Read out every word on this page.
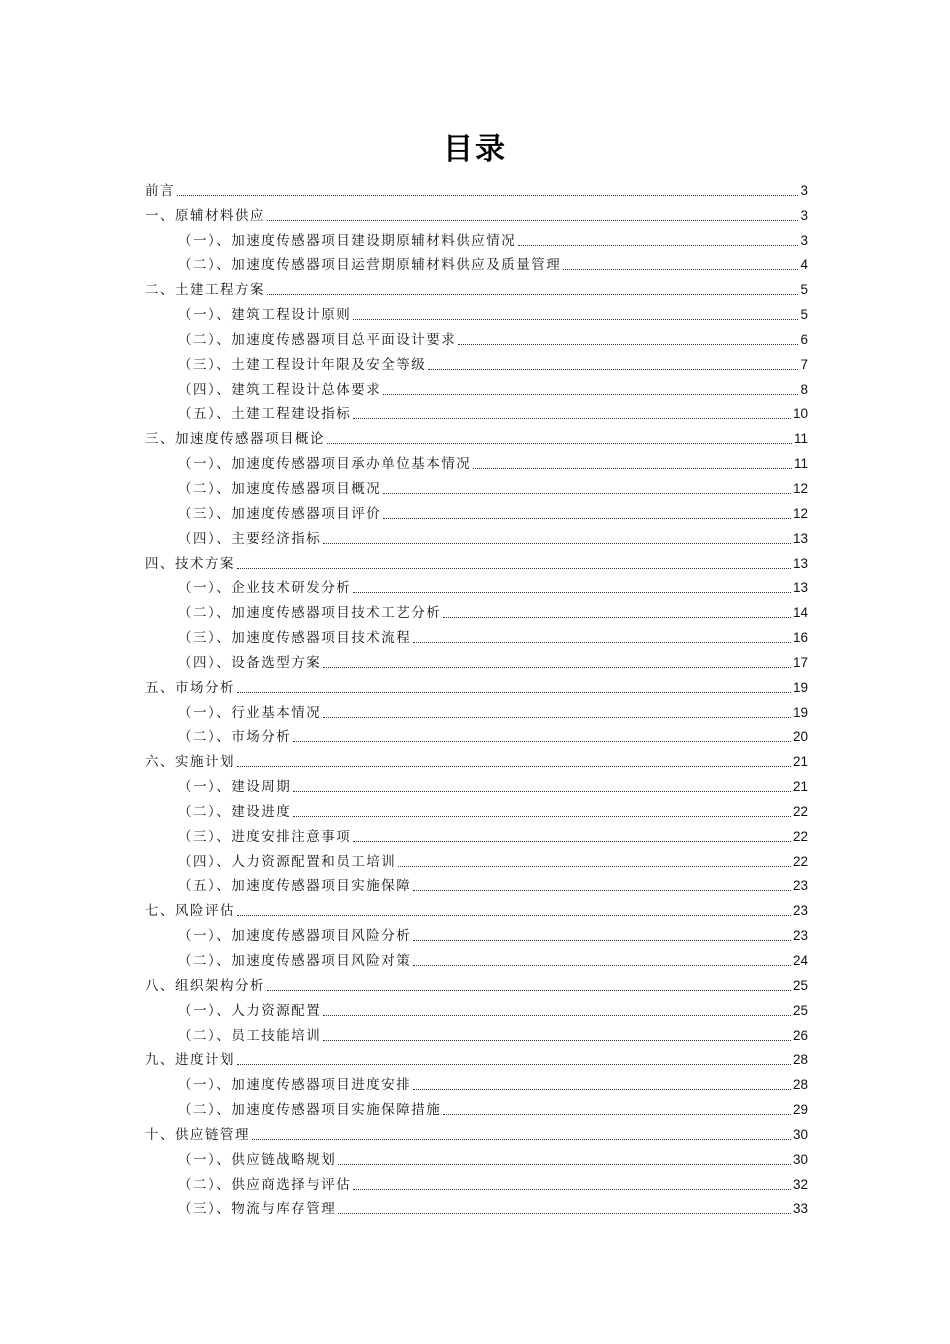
目录
前言	3
一、原辅材料供应	3
（一）、加速度传感器项目建设期原辅材料供应情况	3
（二）、加速度传感器项目运营期原辅材料供应及质量管理	4
二、土建工程方案	5
（一）、建筑工程设计原则	5
（二）、加速度传感器项目总平面设计要求	6
（三）、土建工程设计年限及安全等级	7
（四）、建筑工程设计总体要求	8
（五）、土建工程建设指标	10
三、加速度传感器项目概论	11
（一）、加速度传感器项目承办单位基本情况	11
（二）、加速度传感器项目概况	12
（三）、加速度传感器项目评价	12
（四）、主要经济指标	13
四、技术方案	13
（一）、企业技术研发分析	13
（二）、加速度传感器项目技术工艺分析	14
（三）、加速度传感器项目技术流程	16
（四）、设备选型方案	17
五、市场分析	19
（一）、行业基本情况	19
（二）、市场分析	20
六、实施计划	21
（一）、建设周期	21
（二）、建设进度	22
（三）、进度安排注意事项	22
（四）、人力资源配置和员工培训	22
（五）、加速度传感器项目实施保障	23
七、风险评估	23
（一）、加速度传感器项目风险分析	23
（二）、加速度传感器项目风险对策	24
八、组织架构分析	25
（一）、人力资源配置	25
（二）、员工技能培训	26
九、进度计划	28
（一）、加速度传感器项目进度安排	28
（二）、加速度传感器项目实施保障措施	29
十、供应链管理	30
（一）、供应链战略规划	30
（二）、供应商选择与评估	32
（三）、物流与库存管理	33
